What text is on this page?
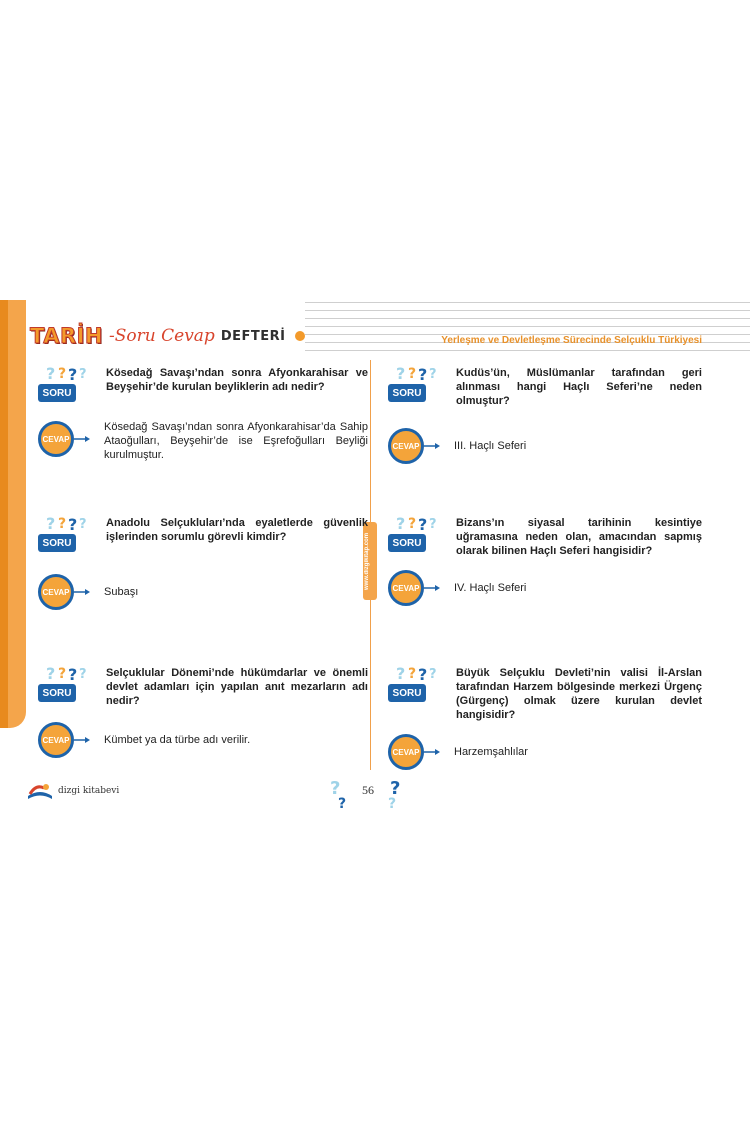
TARİH -Soru Cevap DEFTERİ	Yerleşme ve Devletleşme Sürecinde Selçuklu Türkiyesi
www.dizgikitap.com
? ? ? ?
SORU
Kösedağ Savaşı’ndan sonra Afyonkarahisar ve Beyşehir’de kurulan beyliklerin adı nedir?
CEVAP
Kösedağ Savaşı’ndan sonra Afyonkarahisar’da Sahip Ataoğulları, Beyşehir’de ise Eşrefoğulları Beyliği kurulmuştur.
? ? ? ?
SORU
Anadolu Selçukluları’nda eyaletlerde güvenlik işlerinden sorumlu görevli kimdir?
CEVAP	Subaşı
? ? ? ?
SORU
Selçuklular Dönemi’nde hükümdarlar ve önemli devlet adamları için yapılan anıt mezarların adı nedir?
CEVAP	Kümbet ya da türbe adı verilir.
? ? ? ?
SORU
Kudüs’ün, Müslümanlar tarafından geri alınması hangi Haçlı Seferi’ne neden olmuştur?
CEVAP	III. Haçlı Seferi
? ? ? ?
SORU
Bizans’ın siyasal tarihinin kesintiye uğramasına neden olan, amacından sapmış olarak bilinen Haçlı Seferi hangisidir?
CEVAP	IV. Haçlı Seferi
? ? ? ?
SORU
Büyük Selçuklu Devleti’nin valisi İl-Arslan tarafından Harzem bölgesinde merkezi Ürgenç (Gürgenç) olmak üzere kurulan devlet hangisidir?
CEVAP	Harzemşahlılar
dizgi kitabevi	?
?
56 ?
?
